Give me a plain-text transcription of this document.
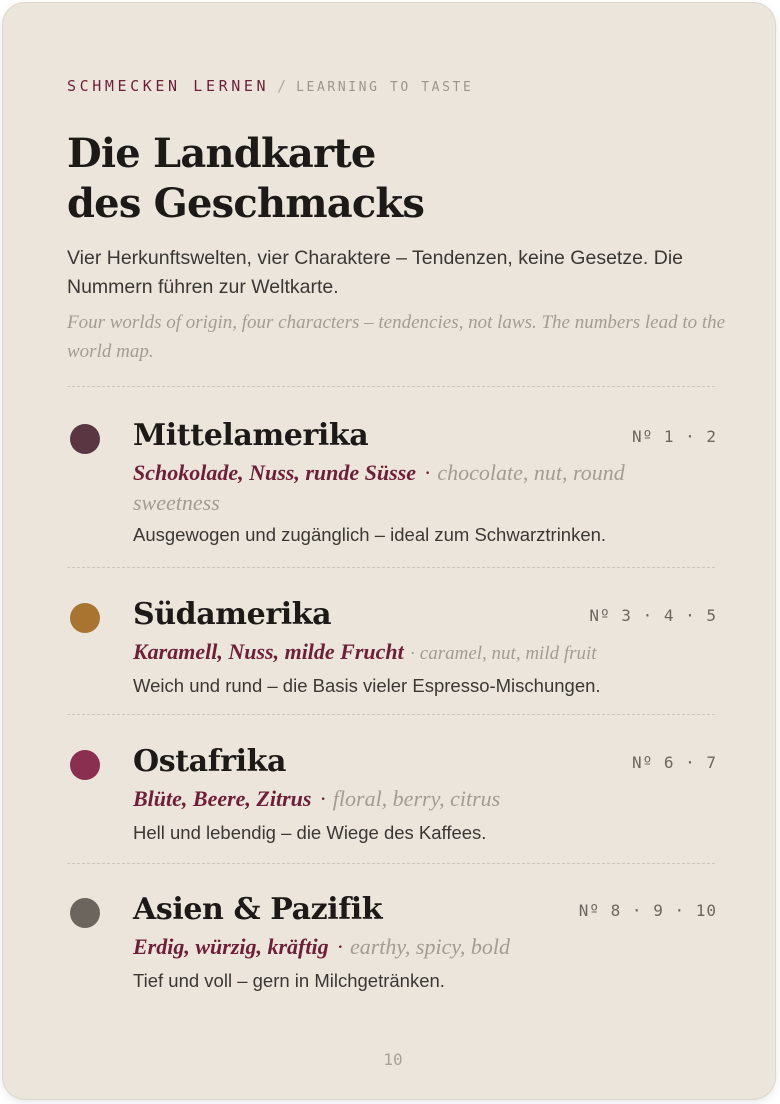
SCHMECKEN LERNEN / LEARNING TO TASTE
Die Landkarte
des Geschmacks

Vier Herkunftswelten, vier Charaktere – Tendenzen, keine Gesetze. Die Nummern führen zur Weltkarte.

Four worlds of origin, four characters – tendencies, not laws. The numbers lead to the world map.

Mittelamerika	Nº 1 · 2
Schokolade, Nuss, runde Süsse · chocolate, nut, round sweetness

Ausgewogen und zugänglich – ideal zum Schwarztrinken.

Südamerika	Nº 3 · 4 · 5
Karamell, Nuss, milde Frucht · caramel, nut, mild fruit

Weich und rund – die Basis vieler Espresso-Mischungen.

Ostafrika	Nº 6 · 7
Blüte, Beere, Zitrus · floral, berry, citrus

Hell und lebendig – die Wiege des Kaffees.

Asien & Pazifik	Nº 8 · 9 · 10
Erdig, würzig, kräftig · earthy, spicy, bold

Tief und voll – gern in Milchgetränken.

10
